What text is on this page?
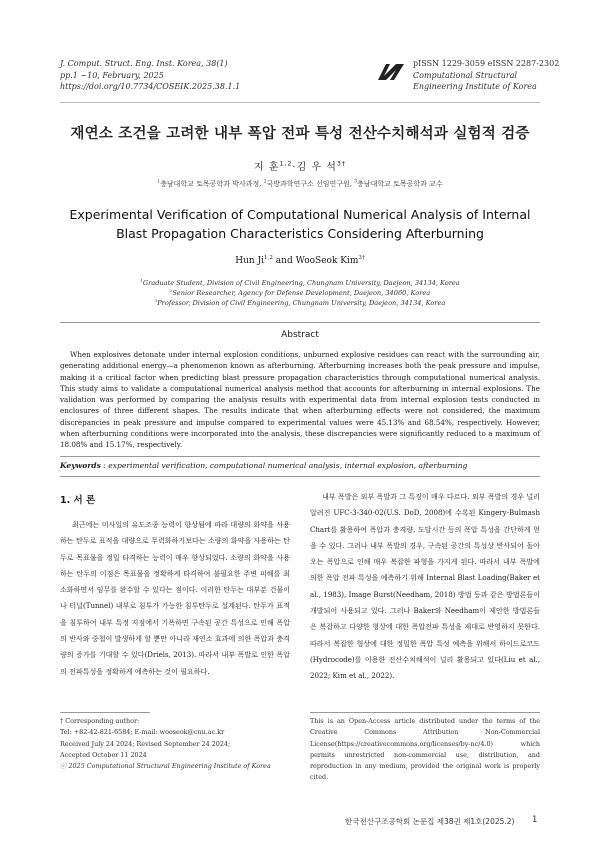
J. Comput. Struct. Eng. Inst. Korea, 38(1)
pp.1 ~10, February, 2025
https://doi.org/10.7734/COSEIK.2025.38.1.1
pISSN 1229-3059 eISSN 2287-2302
Computational Structural
Engineering Institute of Korea
재연소 조건을 고려한 내부 폭압 전파 특성 전산수치해석과 실험적 검증
지 훈$^{1,2}$·김 우 석$^{3\dagger}$
$^1$충남대학교 토목공학과 박사과정, $^2$국방과학연구소 선임연구원, $^3$충남대학교 토목공학과 교수
Experimental Verification of Computational Numerical Analysis of Internal
Blast Propagation Characteristics Considering Afterburning
Hun Ji$^{1,2}$ and WooSeok Kim$^{3\dagger}$
$^1$Graduate Student, Division of Civil Engineering, Chungnam University, Daejeon, 34134, Korea
$^2$Senior Researcher, Agency for Defense Development, Daejeon, 34060, Korea
$^3$Professor, Division of Civil Engineering, Chungnam University, Daejeon, 34134, Korea
Abstract
When explosives detonate under internal explosion conditions, unburned explosive residues can react with the surrounding air, generating additional energy—a phenomenon known as afterburning. Afterburning increases both the peak pressure and impulse, making it a critical factor when predicting blast pressure propagation characteristics through computational numerical analysis. This study aims to validate a computational numerical analysis method that accounts for afterburning in internal explosions. The validation was performed by comparing the analysis results with experimental data from internal explosion tests conducted in enclosures of three different shapes. The results indicate that when afterburning effects were not considered, the maximum discrepancies in peak pressure and impulse compared to experimental values were 45.13% and 68.54%, respectively. However, when afterburning conditions were incorporated into the analysis, these discrepancies were significantly reduced to a maximum of 18.08% and 15.17%, respectively.
Keywords : experimental verification, computational numerical analysis, internal explosion, afterburning
1. 서 론
최근에는 미사일의 유도조종 능력이 향상됨에 따라 대량의 화약을 사용하는 탄두로 표적을 대량으로 무력화하기보다는 소량의 화약을 사용하는 탄두로 목표물을 정밀 타격하는 능력이 매우 향상되었다. 소량의 화약을 사용하는 탄두의 이점은 목표물을 정확하게 타격하여 불필요한 주변 피해를 최소화하면서 임무를 완수할 수 있다는 점이다. 이러한 탄두는 대부분 건물이나 터널(Tunnel) 내부로 침투가 가능한 침투탄두로 설계된다. 탄두가 표적을 침투하여 내부 특정 지점에서 기폭하면 구속된 공간 특성으로 인해 폭압의 반사와 중첩이 발생하게 할 뿐만 아니라 재연소 효과에 의한 폭압과 충격량의 증가를 기대할 수 있다(Driels, 2013). 따라서 내부 폭발로 인한 폭압의 전파특성을 정확하게 예측하는 것이 필요하다.
내부 폭발은 외부 폭발과 그 특징이 매우 다르다. 외부 폭발의 경우 널리 알려진 UFC-3-340-02(U.S. DoD, 2008)에 수록된 Kingery-Bulmash Chart를 활용하여 폭압과 충격량, 도달시간 등의 폭압 특성을 간단하게 얻을 수 있다. 그러나 내부 폭발의 경우, 구속된 공간의 특성상 반사되어 돌아오는 폭압으로 인해 매우 복잡한 파형을 가지게 된다. 따라서 내부 폭발에 의한 폭압 전파 특성을 예측하기 위해 Internal Blast Loading(Baker et al., 1983), Image Burst(Needham, 2018) 방법 등과 같은 방법론들이 개발되어 사용되고 있다. 그러나 Baker와 Needham이 제안한 방법론들은 복잡하고 다양한 형상에 대한 폭압전파 특성을 제대로 반영하지 못한다. 따라서 복잡한 형상에 대한 정밀한 폭압 특성 예측을 위해서 하이드로코드(Hydrocode)를 이용한 전산수치해석이 널리 활용되고 있다(Liu et al., 2022; Kim et al., 2022).
† Corresponding author:
Tel: +82-42-821-6584; E-mail: wooseok@cnu.ac.kr
Received July 24 2024; Revised September 24 2024;
Accepted October 11 2024
ⓒ 2025 Computational Structural Engineering Institute of Korea
This is an Open-Access article distributed under the terms of the Creative Commons Attribution Non-Commercial License(https://creativecommons.org/licenses/by-nc/4.0) which permits unrestricted non-commercial use, distribution, and reproduction in any medium, provided the original work is properly cited.
한국전산구조공학회 논문집 제38권 제1호(2025.2) 1
